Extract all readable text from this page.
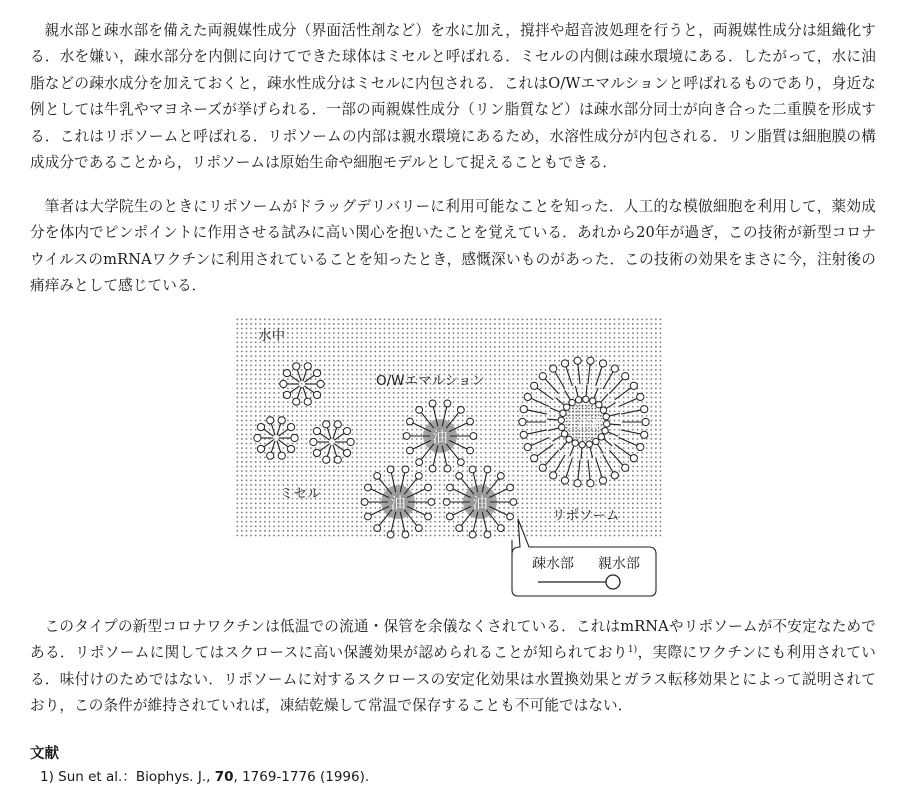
親水部と疎水部を備えた両親媒性成分（界面活性剤など）を水に加え，撹拌や超音波処理を行うと，両親媒性成分は組織化する．水を嫌い，疎水部分を内側に向けてできた球体はミセルと呼ばれる．ミセルの内側は疎水環境にある．したがって，水に油脂などの疎水成分を加えておくと，疎水性成分はミセルに内包される．これはO/Wエマルションと呼ばれるものであり，身近な例としては牛乳やマヨネーズが挙げられる．一部の両親媒性成分（リン脂質など）は疎水部分同士が向き合った二重膜を形成する．これはリポソームと呼ばれる．リポソームの内部は親水環境にあるため，水溶性成分が内包される．リン脂質は細胞膜の構成成分であることから，リポソームは原始生命や細胞モデルとして捉えることもできる．

筆者は大学院生のときにリポソームがドラッグデリバリーに利用可能なことを知った．人工的な模倣細胞を利用して，薬効成分を体内でピンポイントに作用させる試みに高い関心を抱いたことを覚えている．あれから20年が過ぎ，この技術が新型コロナウイルスのmRNAワクチンに利用されていることを知ったとき，感慨深いものがあった．この技術の効果をまさに今，注射後の痛痒みとして感じている．

油
油	油
水溶液
水中
O/Wエマルション
ミセル
リポソーム
疎水部 親水部

このタイプの新型コロナワクチンは低温での流通・保管を余儀なくされている．これはmRNAやリポソームが不安定なためである．リポソームに関してはスクロースに高い保護効果が認められることが知られており$^{1)}$，実際にワクチンにも利用されている．味付けのためではない．リポソームに対するスクロースの安定化効果は水置換効果とガラス転移効果とによって説明されており，この条件が維持されていれば，凍結乾燥して常温で保存することも不可能ではない．

文献

1) Sun et al.：Biophys. J., 70, 1769-1776 (1996).
